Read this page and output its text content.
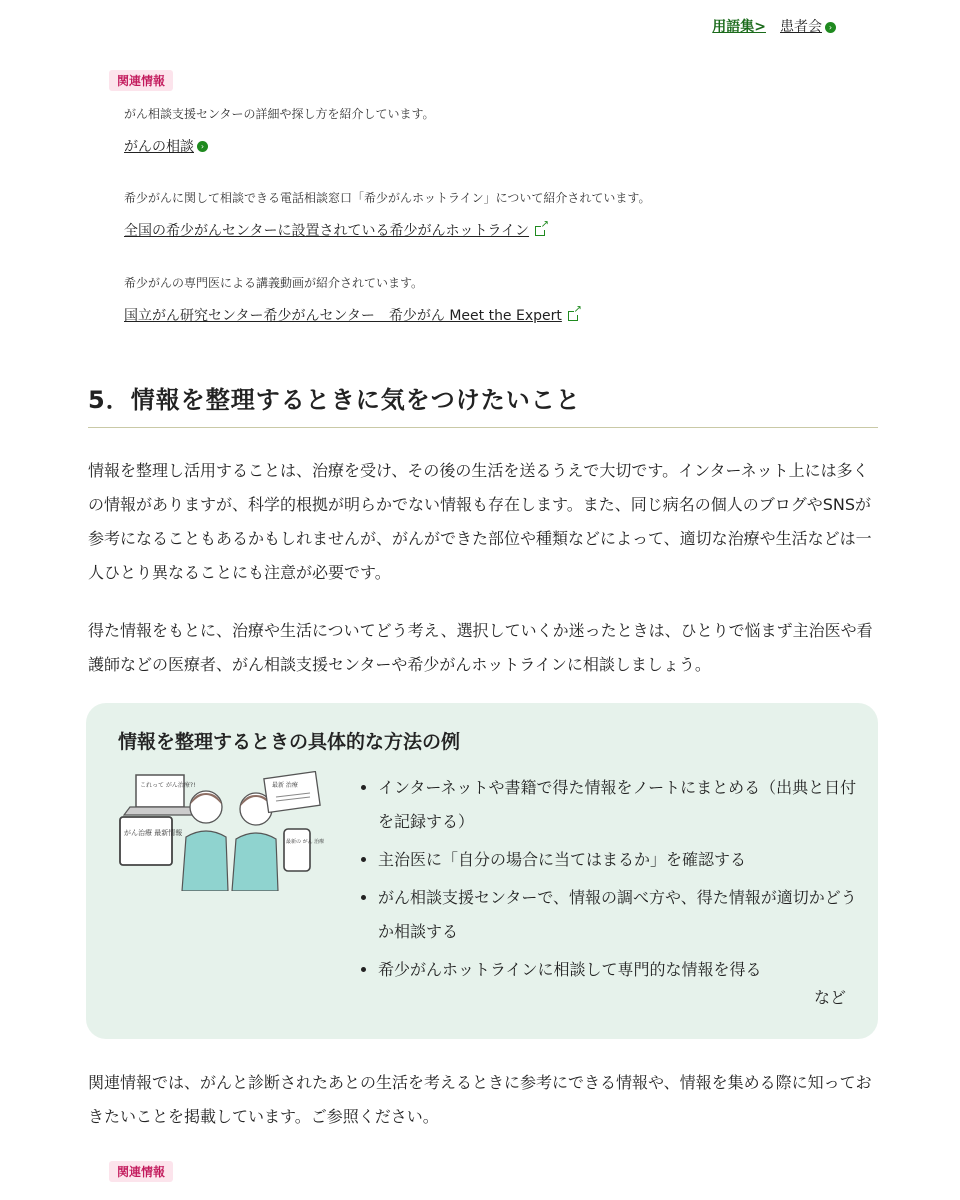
用語集> 患者会 ›
関連情報
がん相談支援センターの詳細や探し方を紹介しています。
がんの相談 ›
希少がんに関して相談できる電話相談窓口「希少がんホットライン」について紹介されています。
全国の希少がんセンターに設置されている希少がんホットライン↗
希少がんの専門医による講義動画が紹介されています。
国立がん研究センター希少がんセンター　希少がん Meet the Expert↗
5．情報を整理するときに気をつけたいこと

情報を整理し活用することは、治療を受け、その後の生活を送るうえで大切です。インターネット上には多くの情報がありますが、科学的根拠が明らかでない情報も存在します。また、同じ病名の個人のブログやSNSが参考になることもあるかもしれませんが、がんができた部位や種類などによって、適切な治療や生活などは一人ひとり異なることにも注意が必要です。

得た情報をもとに、治療や生活についてどう考え、選択していくか迷ったときは、ひとりで悩まず主治医や看護師などの医療者、がん相談支援センターや希少がんホットラインに相談しましょう。

情報を整理するときの具体的な方法の例
これって がん治療?!
がん治療 最新情報
最新 治療
最新の がん 治療
• インターネットや書籍で得た情報をノートにまとめる（出典と日付を記録する）
• 主治医に「自分の場合に当てはまるか」を確認する
• がん相談支援センターで、情報の調べ方や、得た情報が適切かどうか相談する
• 希少がんホットラインに相談して専門的な情報を得る
など

関連情報では、がんと診断されたあとの生活を考えるときに参考にできる情報や、情報を集める際に知っておきたいことを掲載しています。ご参照ください。

関連情報
